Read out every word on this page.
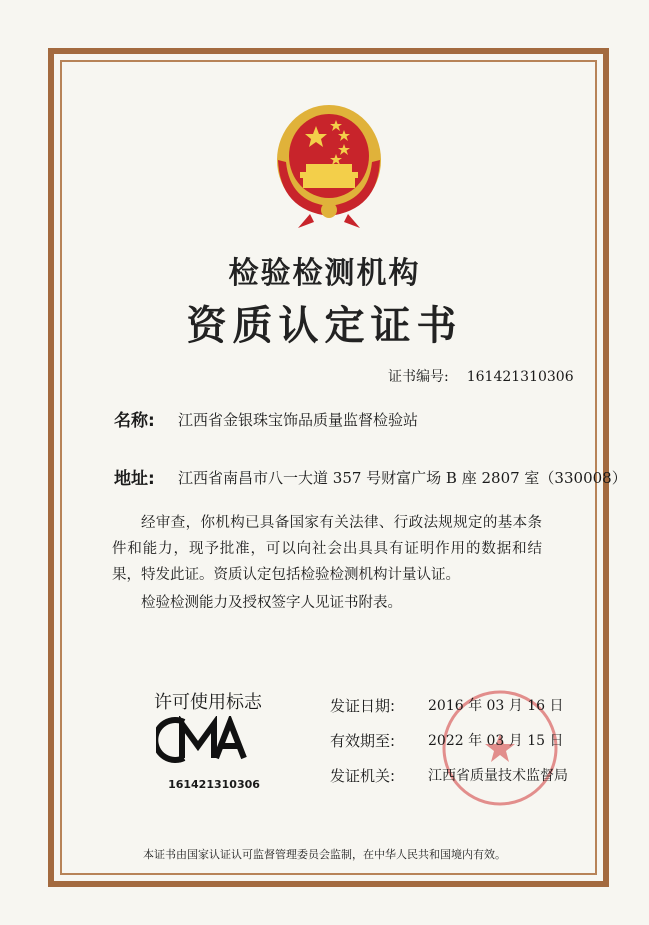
检验检测机构
资质认定证书
证书编号: 161421310306
名称: 江西省金银珠宝饰品质量监督检验站
地址: 江西省南昌市八一大道 357 号财富广场 B 座 2807 室（330008）
经审查，你机构已具备国家有关法律、行政法规规定的基本条件和能力，现予批准，可以向社会出具具有证明作用的数据和结果，特发此证。资质认定包括检验检测机构计量认证。
检验检测能力及授权签字人见证书附表。
许可使用标志
161421310306
发证日期: 2016 年 03 月 16 日
有效期至: 2022 年 03 月 15 日
发证机关: 江西省质量技术监督局
本证书由国家认证认可监督管理委员会监制，在中华人民共和国境内有效。
